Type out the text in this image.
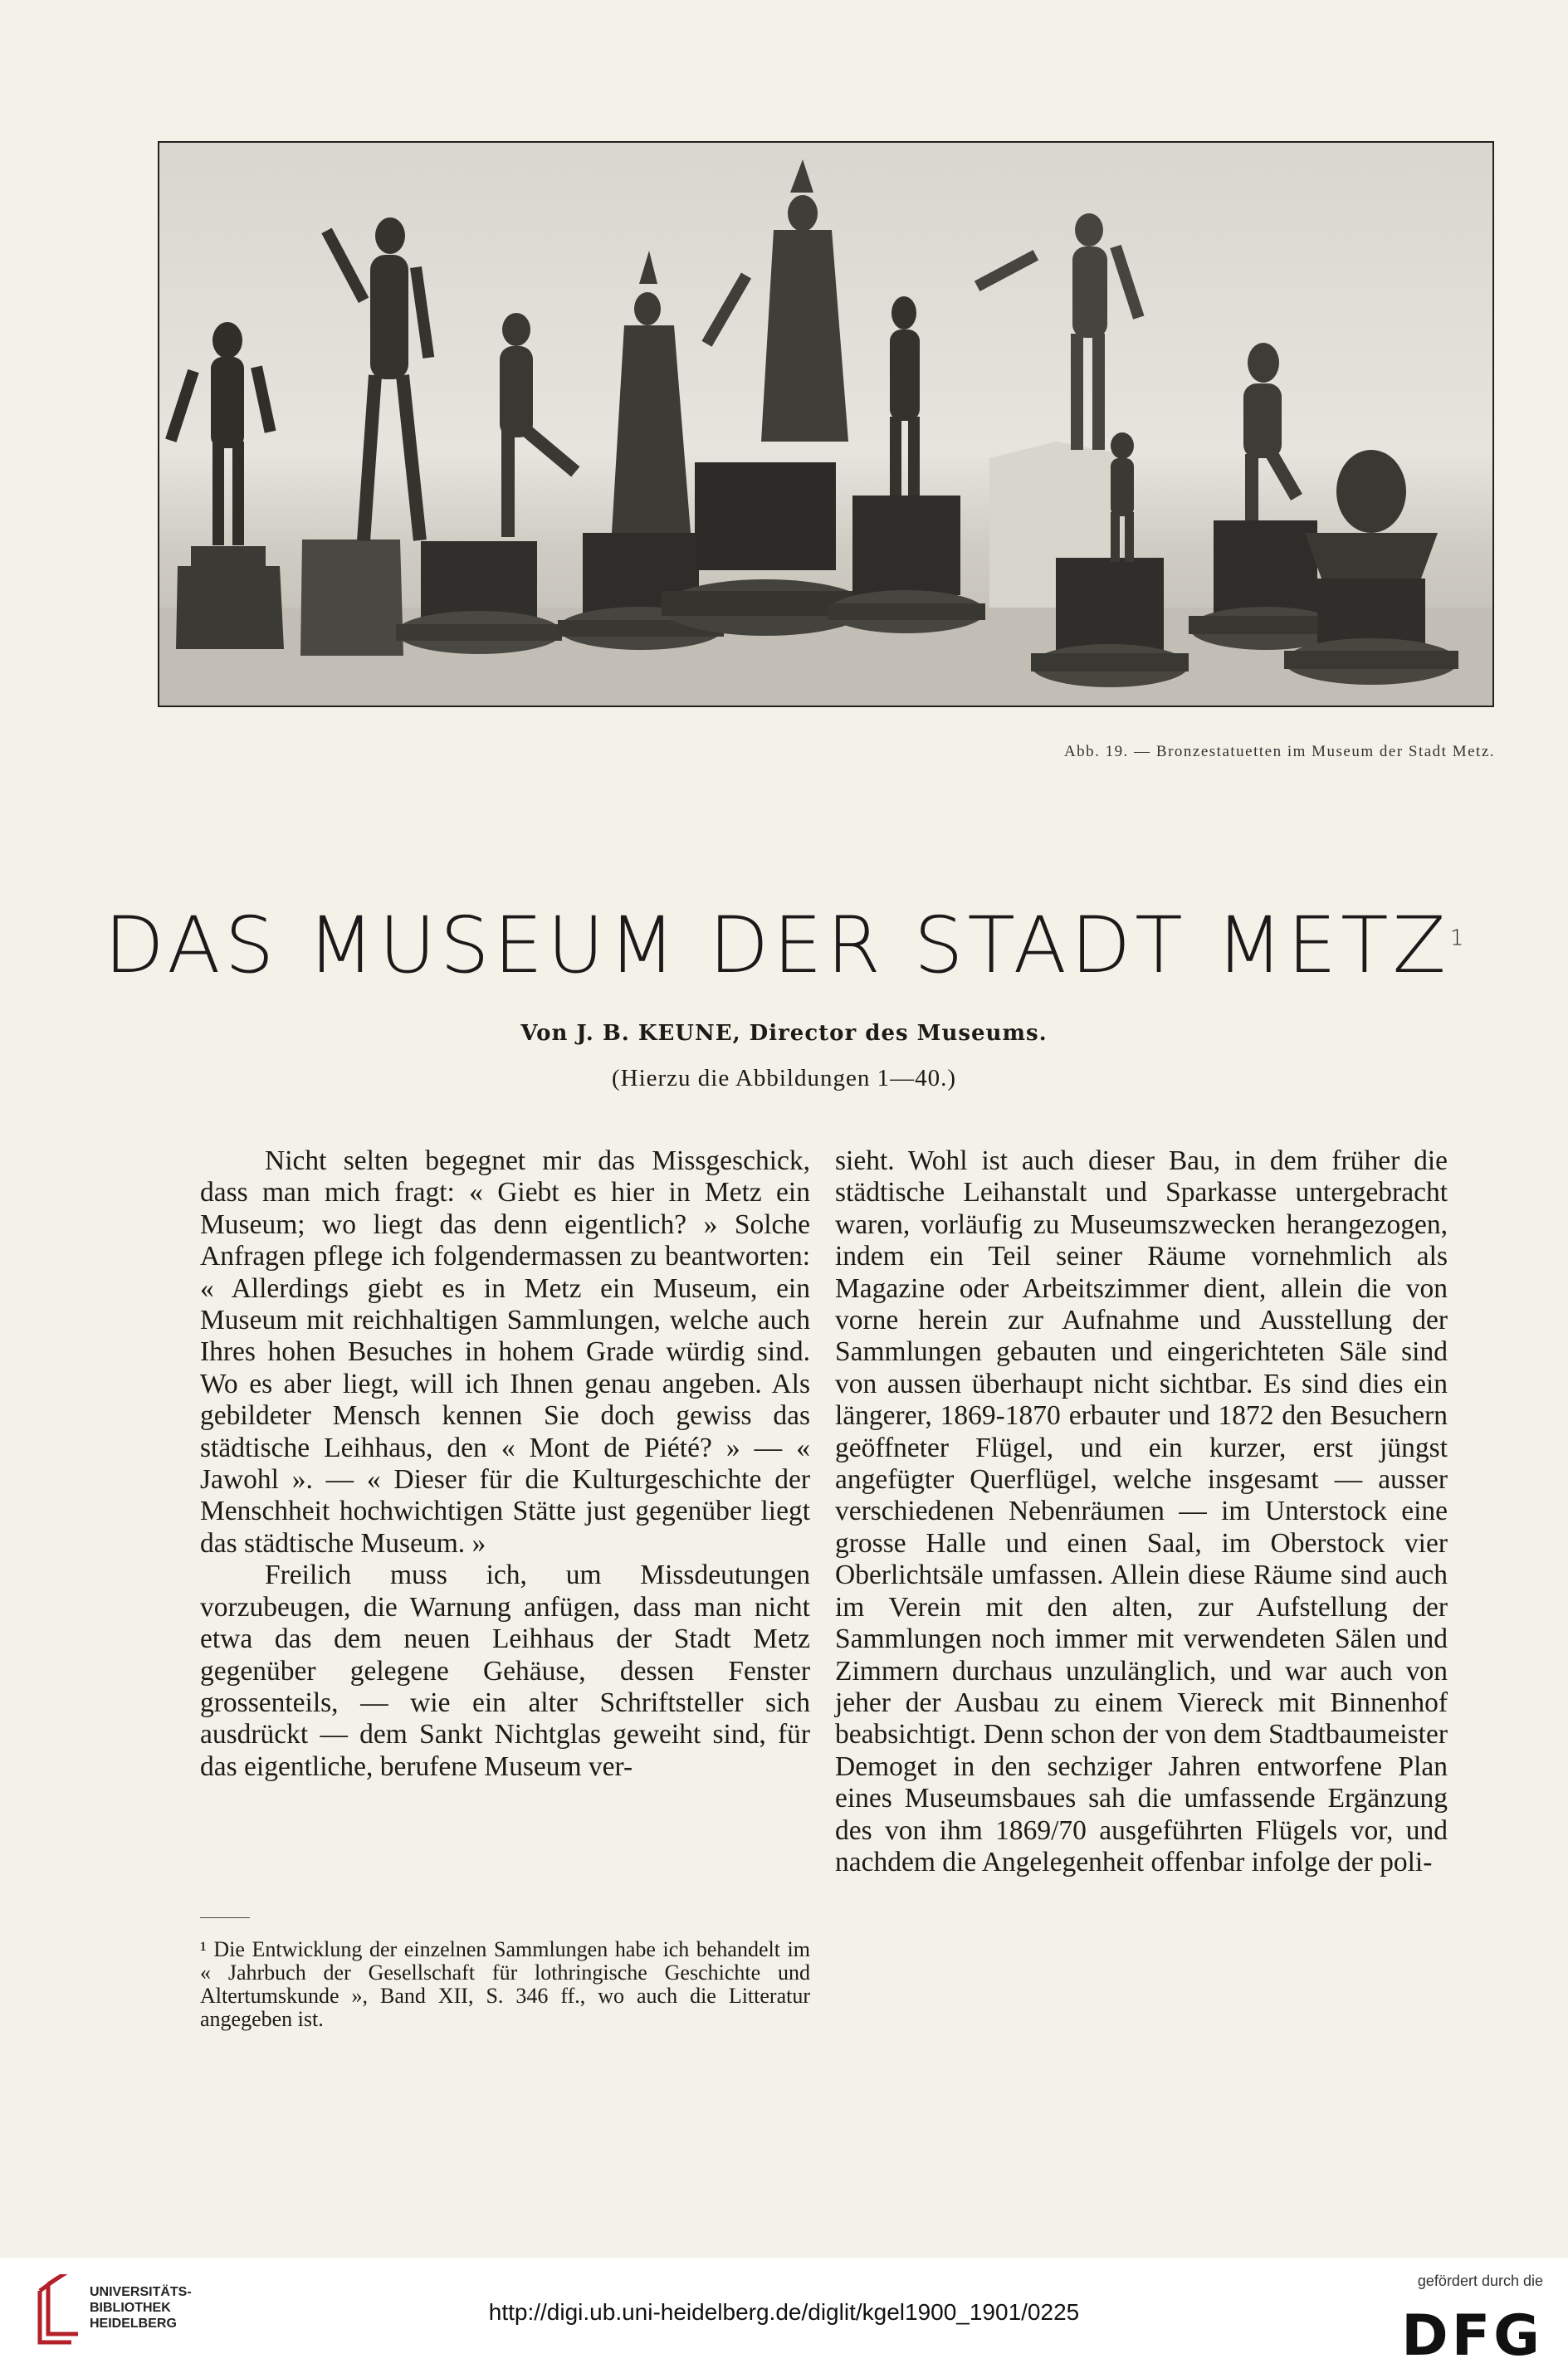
Abb. 19. — Bronzestatuetten im Museum der Stadt Metz.
DAS MUSEUM DER STADT METZ$^1$
Von J. B. KEUNE, Director des Museums.
(Hierzu die Abbildungen 1—40.)

Nicht selten begegnet mir das Missgeschick, dass man mich fragt: « Giebt es hier in Metz ein Museum; wo liegt das denn eigentlich? » Solche Anfragen pflege ich folgendermassen zu beantworten: « Allerdings giebt es in Metz ein Museum, ein Museum mit reichhaltigen Sammlungen, welche auch Ihres hohen Besuches in hohem Grade würdig sind. Wo es aber liegt, will ich Ihnen genau angeben. Als gebildeter Mensch kennen Sie doch gewiss das städtische Leihhaus, den « Mont de Piété? » — « Jawohl ». — « Dieser für die Kulturgeschichte der Menschheit hochwichtigen Stätte just gegenüber liegt das städtische Museum. »

Freilich muss ich, um Missdeutungen vorzubeugen, die Warnung anfügen, dass man nicht etwa das dem neuen Leihhaus der Stadt Metz gegenüber gelegene Gehäuse, dessen Fenster grossenteils, — wie ein alter Schriftsteller sich ausdrückt — dem Sankt Nichtglas geweiht sind, für das eigentliche, berufene Museum ver-

sieht. Wohl ist auch dieser Bau, in dem früher die städtische Leihanstalt und Sparkasse untergebracht waren, vorläufig zu Museumszwecken herangezogen, indem ein Teil seiner Räume vornehmlich als Magazine oder Arbeitszimmer dient, allein die von vorne herein zur Aufnahme und Ausstellung der Sammlungen gebauten und eingerichteten Säle sind von aussen überhaupt nicht sichtbar. Es sind dies ein längerer, 1869-1870 erbauter und 1872 den Besuchern geöffneter Flügel, und ein kurzer, erst jüngst angefügter Querflügel, welche insgesamt — ausser verschiedenen Nebenräumen — im Unterstock eine grosse Halle und einen Saal, im Oberstock vier Oberlichtsäle umfassen. Allein diese Räume sind auch im Verein mit den alten, zur Aufstellung der Sammlungen noch immer mit verwendeten Sälen und Zimmern durchaus unzulänglich, und war auch von jeher der Ausbau zu einem Viereck mit Binnenhof beabsichtigt. Denn schon der von dem Stadtbaumeister Demoget in den sechziger Jahren entworfene Plan eines Museumsbaues sah die umfassende Ergänzung des von ihm 1869/70 ausgeführten Flügels vor, und nachdem die Angelegenheit offenbar infolge der poli-

¹ Die Entwicklung der einzelnen Sammlungen habe ich behandelt im « Jahrbuch der Gesellschaft für lothringische Geschichte und Altertumskunde », Band XII, S. 346 ff., wo auch die Litteratur angegeben ist.
UNIVERSITÄTS-
BIBLIOTHEK
HEIDELBERG	http://digi.ub.uni-heidelberg.de/diglit/kgel1900_1901/0225
gefördert durch die
DFG
